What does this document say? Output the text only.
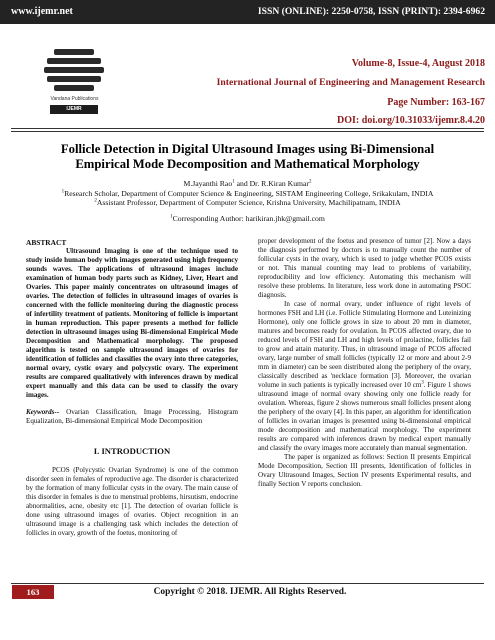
www.ijemr.net	ISSN (ONLINE): 2250-0758, ISSN (PRINT): 2394-6962
Vandana Publications
IJEMR
Volume-8, Issue-4, August 2018
International Journal of Engineering and Management Research
Page Number: 163-167
DOI: doi.org/10.31033/ijemr.8.4.20
Follicle Detection in Digital Ultrasound Images using Bi-Dimensional
Empirical Mode Decomposition and Mathematical Morphology
M.Jayanthi Rao$^1$ and Dr. R.Kiran Kumar$^2$
$^1$Research Scholar, Department of Computer Science & Engineering, SISTAM Engineering College, Srikakulam, INDIA
$^2$Assistant Professor, Department of Computer Science, Krishna University, Machilipatnam, INDIA
$^1$Corresponding Author: harikiran.jhk@gmail.com

ABSTRACT

Ultrasound Imaging is one of the technique used to study inside human body with images generated using high frequency sounds waves. The applications of ultrasound images include examination of human body parts such as Kidney, Liver, Heart and Ovaries. This paper mainly concentrates on ultrasound images of ovaries. The detection of follicles in ultrasound images of ovaries is concerned with the follicle monitoring during the diagnostic process of infertility treatment of patients. Monitoring of follicle is important in human reproduction. This paper presents a method for follicle detection in ultrasound images using Bi-dimensional Empirical Mode Decomposition and Mathematical morphology. The proposed algorithm is tested on sample ultrasound images of ovaries for identification of follicles and classifies the ovary into three categories, normal ovary, cystic ovary and polycystic ovary. The experiment results are compared qualitatively with inferences drawn by medical expert manually and this data can be used to classify the ovary images.

Keywords-- Ovarian Classification, Image Processing, Histogram Equalization, Bi-dimensional Empirical Mode Decomposition

I. INTRODUCTION

PCOS (Polycystic Ovarian Syndrome) is one of the common disorder seen in females of reproductive age. The disorder is characterized by the formation of many follicular cysts in the ovary. The main cause of this disorder in females is due to menstrual problems, hirsutism, endocrine abnormalities, acne, obesity etc [1]. The detection of ovarian follicle is done using ultrasound images of ovaries. Object recognition in an ultrasound image is a challenging task which includes the detection of follicles in ovary, growth of the foetus, monitoring of

proper development of the foetus and presence of tumor [2]. Now a days the diagnosis performed by doctors is to manually count the number of follicular cysts in the ovary, which is used to judge whether PCOS exists or not. This manual counting may lead to problems of variability, reproducibility and low efficiency. Automating this mechanism will resolve these problems. In literature, less work done in automating PSOC diagnosis.

In case of normal ovary, under influence of right levels of hormones FSH and LH (i.e. Follicle Stimulating Hormone and Luteinizing Hormone), only one follicle grows in size to about 20 mm in diameter, matures and becomes ready for ovulation. In PCOS affected ovary, due to reduced levels of FSH and LH and high levels of prolactine, follicles fail to grow and attain maturity. Thus, in ultrasound image of PCOS affected ovary, large number of small follicles (typically 12 or more and about 2-9 mm in diameter) can be seen distributed along the periphery of the ovary, classically described as 'necklace formation [3]. Moreover, the ovarian volume in such patients is typically increased over 10 $cm^3$. Figure 1 shows ultrasound image of normal ovary showing only one follicle ready for ovulation. Whereas, figure 2 shows numerous small follicles present along the periphery of the ovary [4]. In this paper, an algorithm for identification of follicles in ovarian images is presented using bi-dimensional empirical mode decomposition and mathematical morphology. The experiment results are compared with inferences drawn by medical expert manually and classify the ovary images more accurately than manual segmentation.

The paper is organized as follows: Section II presents Empirical Mode Decomposition, Section III presents, Identification of follicles in Ovary Ultrasound Images, Section IV presents Experimental results, and finally Section V reports conclusion.

163	Copyright © 2018. IJEMR. All Rights Reserved.
